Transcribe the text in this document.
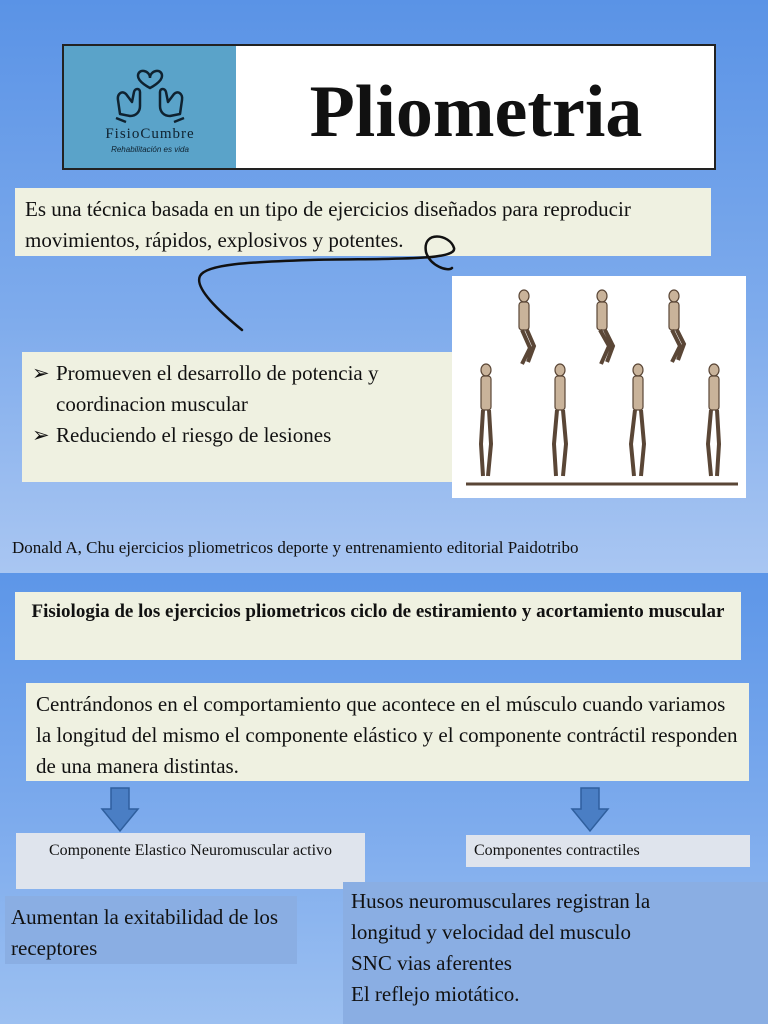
FisioCumbre
Rehabilitación es vida	Pliometria
Es una técnica basada en un tipo de ejercicios diseñados para reproducir movimientos, rápidos, explosivos y potentes.
➢ Promueven el desarrollo de potencia y coordinacion muscular
➢ Reduciendo el riesgo de lesiones
Donald A, Chu ejercicios pliometricos deporte y entrenamiento editorial Paidotribo
Fisiologia de los ejercicios pliometricos ciclo de estiramiento y acortamiento muscular
Centrándonos en el comportamiento que acontece en el músculo cuando variamos la longitud del mismo el componente elástico y el componente contráctil responden de una manera distintas.
Componente Elastico Neuromuscular activo	Componentes contractiles
Aumentan la exitabilidad de los receptores
Husos neuromusculares registran la
longitud y velocidad del musculo
SNC vias aferentes
El reflejo miotático.
